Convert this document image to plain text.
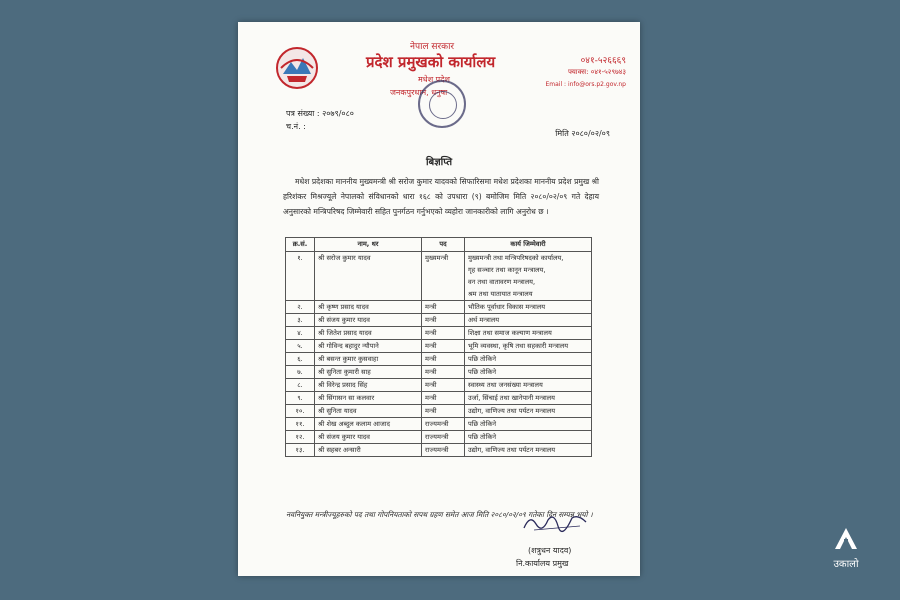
नेपाल सरकार
प्रदेश प्रमुखको कार्यालय
मधेश प्रदेश
जनकपुरधाम, धनुषा
०४१-५२६६६९
फ्याक्स: ०४१-५२९७४३
Email : info@ors.p2.gov.np
पत्र संख्या : २०७९/०८०
च.नं. :
मिति २०८०/०२/०९
बिज्ञप्ति
मधेश प्रदेशका माननीय मुख्यमन्त्री श्री सरोज कुमार यादवको सिफारिसमा मधेश प्रदेशका माननीय प्रदेश प्रमुख श्री हरिशंकर मिश्रज्यूले नेपालको संविधानको धारा १६८ को उपधारा (९) बमोजिम मिति २०८०/०२/०९ गते देहाय अनुसारको मन्त्रिपरिषद जिम्मेवारी सहित पुनर्गठन गर्नुभएको व्यहोरा जानकारीको लागि अनुरोध छ ।
क्र.सं.	नाम, थर	पद	कार्य जिम्मेवारी
१.	श्री सरोज कुमार यादव	मुख्यमन्त्री	मुख्यमन्त्री तथा मन्त्रिपरिषदको कार्यालय,
गृह सञ्चार तथा कानून मन्त्रालय,
वन तथा वातावरण मन्त्रालय,
श्रम तथा यातायात मन्त्रालय

२.	श्री कृष्ण प्रसाद यादव	मन्त्री	भौतिक पूर्वाधार विकास मन्त्रालय

३.	श्री संजय कुमार यादव	मन्त्री	अर्थ मन्त्रालय

४.	श्री जितेश प्रसाद यादव	मन्त्री	शिक्षा तथा समाज कल्याण मन्त्रालय

५.	श्री गोविन्द बहादुर न्यौपाने	मन्त्री	भूमि व्यवस्था, कृषि तथा सहकारी मन्त्रालय

६.	श्री बसन्त कुमार कुसवाहा	मन्त्री	पछि तोकिने

७.	श्री सुनिता कुमारी साह	मन्त्री	पछि तोकिने

८.	श्री विरेन्द्र प्रसाद सिंह	मन्त्री	स्वास्थ्य तथा जनसंख्या मन्त्रालय

९.	श्री सिंगासन सा कलवार	मन्त्री	उर्जा, सिंचाई तथा खानेपानी मन्त्रालय

१०.	श्री सुनिता यादव	मन्त्री	उद्योग, वाणिज्य तथा पर्यटन मन्त्रालय

११.	श्री शेख अब्दुल कलाम आजाद	राज्यमन्त्री	पछि तोकिने

१२.	श्री संजय कुमार यादव	राज्यमन्त्री	पछि तोकिने

१३.	श्री सहबर अन्सारी	राज्यमन्त्री	उद्योग, वाणिज्य तथा पर्यटन मन्त्रालय
नवनियुक्त मन्त्रीज्यूहरुको पद तथा गोपनियताको सपथ ग्रहण समेत आज मिति २०८०/०२/०९ गतेका दिन सम्पन्न भयो ।
(शत्रुधन यादव)
नि.कार्यालय प्रमुख	उकालो
